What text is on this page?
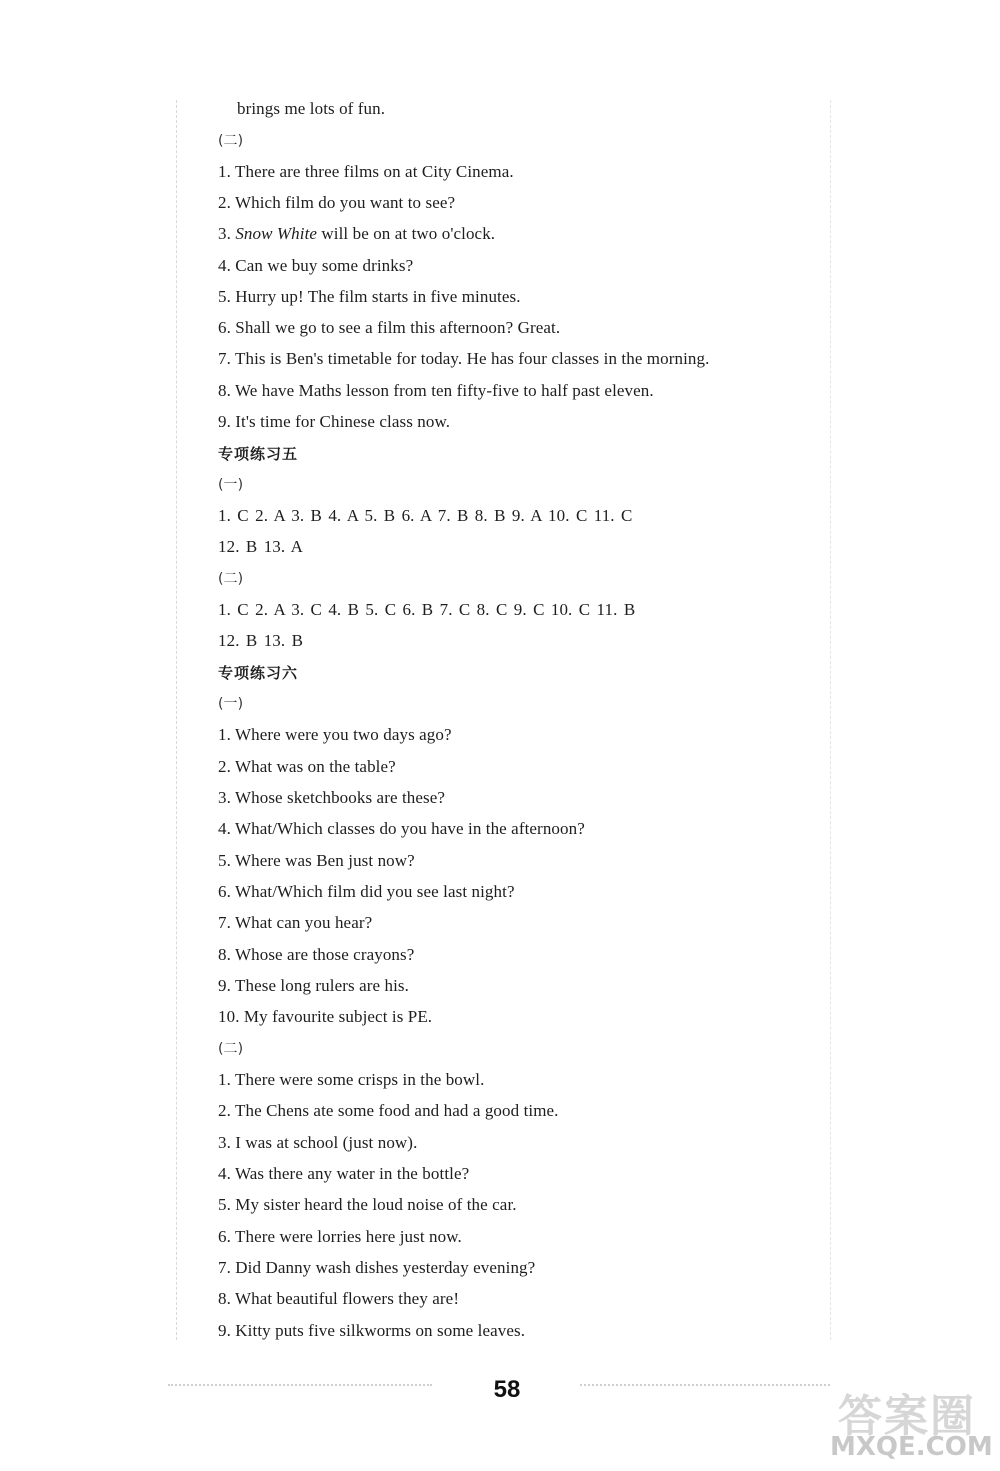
brings me lots of fun.
(二)
1. There are three films on at City Cinema.
2. Which film do you want to see?
3. Snow White will be on at two o'clock.
4. Can we buy some drinks?
5. Hurry up! The film starts in five minutes.
6. Shall we go to see a film this afternoon? Great.
7. This is Ben's timetable for today. He has four classes in the morning.
8. We have Maths lesson from ten fifty-five to half past eleven.
9. It's time for Chinese class now.
专项练习五
(一)
1. C 2. A 3. B 4. A 5. B 6. A 7. B 8. B 9. A 10. C 11. C
12. B 13. A
(二)
1. C 2. A 3. C 4. B 5. C 6. B 7. C 8. C 9. C 10. C 11. B
12. B 13. B
专项练习六
(一)
1. Where were you two days ago?
2. What was on the table?
3. Whose sketchbooks are these?
4. What/Which classes do you have in the afternoon?
5. Where was Ben just now?
6. What/Which film did you see last night?
7. What can you hear?
8. Whose are those crayons?
9. These long rulers are his.
10. My favourite subject is PE.
(二)
1. There were some crisps in the bowl.
2. The Chens ate some food and had a good time.
3. I was at school (just now).
4. Was there any water in the bottle?
5. My sister heard the loud noise of the car.
6. There were lorries here just now.
7. Did Danny wash dishes yesterday evening?
8. What beautiful flowers they are!
9. Kitty puts five silkworms on some leaves.
58
答案圈
MXQE.COM
